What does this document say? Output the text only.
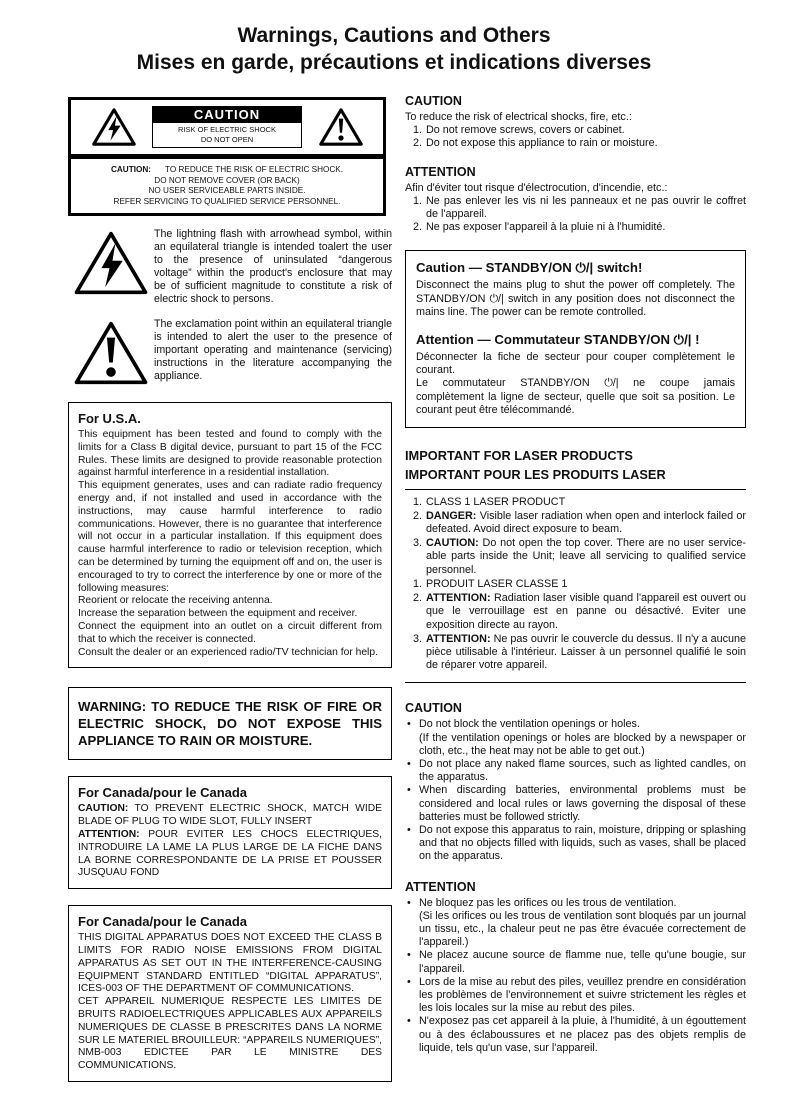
Warnings, Cautions and Others
Mises en garde, précautions et indications diverses
CAUTION
RISK OF ELECTRIC SHOCK
DO NOT OPEN
CAUTION: TO REDUCE THE RISK OF ELECTRIC SHOCK.
DO NOT REMOVE COVER (OR BACK)
NO USER SERVICEABLE PARTS INSIDE.
REFER SERVICING TO QUALIFIED SERVICE PERSONNEL.
The lightning flash with arrowhead symbol, within an equilateral triangle is intended toalert the user to the presence of uninsulated “dangerous voltage” within the product's enclosure that may be of sufficient magnitude to constitute a risk of electric shock to persons.
The exclamation point within an equilateral triangle is intended to alert the user to the presence of important operating and maintenance (servicing) instructions in the literature accompanying the appliance.
For U.S.A.

This equipment has been tested and found to comply with the limits for a Class B digital device, pursuant to part 15 of the FCC Rules. These limits are designed to provide reasonable protection against harmful interference in a residential installation.

This equipment generates, uses and can radiate radio frequency energy and, if not installed and used in accordance with the instructions, may cause harmful interference to radio communications. However, there is no guarantee that interference will not occur in a particular installation. If this equipment does cause harmful interference to radio or television reception, which can be determined by turning the equipment off and on, the user is encouraged to try to correct the interference by one or more of the following measures:

Reorient or relocate the receiving antenna.

Increase the separation between the equipment and receiver.

Connect the equipment into an outlet on a circuit different from that to which the receiver is connected.

Consult the dealer or an experienced radio/TV technician for help.

WARNING: TO REDUCE THE RISK OF FIRE OR ELECTRIC SHOCK, DO NOT EXPOSE THIS APPLIANCE TO RAIN OR MOISTURE.
For Canada/pour le Canada

CAUTION: TO PREVENT ELECTRIC SHOCK, MATCH WIDE BLADE OF PLUG TO WIDE SLOT, FULLY INSERT
ATTENTION: POUR EVITER LES CHOCS ELECTRIQUES, INTRODUIRE LA LAME LA PLUS LARGE DE LA FICHE DANS LA BORNE CORRESPONDANTE DE LA PRISE ET POUSSER JUSQUAU FOND

For Canada/pour le Canada

THIS DIGITAL APPARATUS DOES NOT EXCEED THE CLASS B LIMITS FOR RADIO NOISE EMISSIONS FROM DIGITAL APPARATUS AS SET OUT IN THE INTERFERENCE-CAUSING EQUIPMENT STANDARD ENTITLED “DIGITAL APPARATUS”, ICES-003 OF THE DEPARTMENT OF COMMUNICATIONS.

CET APPAREIL NUMERIQUE RESPECTE LES LIMITES DE BRUITS RADIOELECTRIQUES APPLICABLES AUX APPAREILS NUMERIQUES DE CLASSE B PRESCRITES DANS LA NORME SUR LE MATERIEL BROUILLEUR: “APPAREILS NUMERIQUES”, NMB-003 EDICTEE PAR LE MINISTRE DES COMMUNICATIONS.

CAUTION
To reduce the risk of electrical shocks, fire, etc.:
1. Do not remove screws, covers or cabinet.
2. Do not expose this appliance to rain or moisture.
ATTENTION
Afin d'éviter tout risque d'électrocution, d'incendie, etc.:
1. Ne pas enlever les vis ni les panneaux et ne pas ouvrir le coffret de l'appareil.
2. Ne pas exposer l'appareil à la pluie ni à l'humidité.
Caution — STANDBY/ON ⏻/| switch!

Disconnect the mains plug to shut the power off completely. The STANDBY/ON ⏻/| switch in any position does not disconnect the mains line. The power can be remote controlled.

Attention — Commutateur STANDBY/ON ⏻/| !

Déconnecter la fiche de secteur pour couper complètement le courant.

Le commutateur STANDBY/ON ⏻/| ne coupe jamais complètement la ligne de secteur, quelle que soit sa position. Le courant peut être télécommandé.

IMPORTANT FOR LASER PRODUCTS
IMPORTANT POUR LES PRODUITS LASER
1. CLASS 1 LASER PRODUCT
2. DANGER: Visible laser radiation when open and interlock failed or defeated. Avoid direct exposure to beam.
3. CAUTION: Do not open the top cover. There are no user service-able parts inside the Unit; leave all servicing to qualified service personnel.
1. PRODUIT LASER CLASSE 1
2. ATTENTION: Radiation laser visible quand l'appareil est ouvert ou que le verrouillage est en panne ou désactivé. Eviter une exposition directe au rayon.
3. ATTENTION: Ne pas ouvrir le couvercle du dessus. Il n'y a aucune pièce utilisable à l'intérieur. Laisser à un personnel qualifié le soin de réparer votre appareil.
CAUTION
• Do not block the ventilation openings or holes.
(If the ventilation openings or holes are blocked by a newspaper or cloth, etc., the heat may not be able to get out.)
• Do not place any naked flame sources, such as lighted candles, on the apparatus.
• When discarding batteries, environmental problems must be considered and local rules or laws governing the disposal of these batteries must be followed strictly.
• Do not expose this apparatus to rain, moisture, dripping or splashing and that no objects filled with liquids, such as vases, shall be placed on the apparatus.
ATTENTION
• Ne bloquez pas les orifices ou les trous de ventilation.
(Si les orifices ou les trous de ventilation sont bloqués par un journal un tissu, etc., la chaleur peut ne pas être évacuée correctement de l'appareil.)
• Ne placez aucune source de flamme nue, telle qu'une bougie, sur l'appareil.
• Lors de la mise au rebut des piles, veuillez prendre en considération les problèmes de l'environnement et suivre strictement les règles et les lois locales sur la mise au rebut des piles.
• N'exposez pas cet appareil à la pluie, à l'humidité, à un égouttement ou à des éclaboussures et ne placez pas des objets remplis de liquide, tels qu'un vase, sur l'appareil.
